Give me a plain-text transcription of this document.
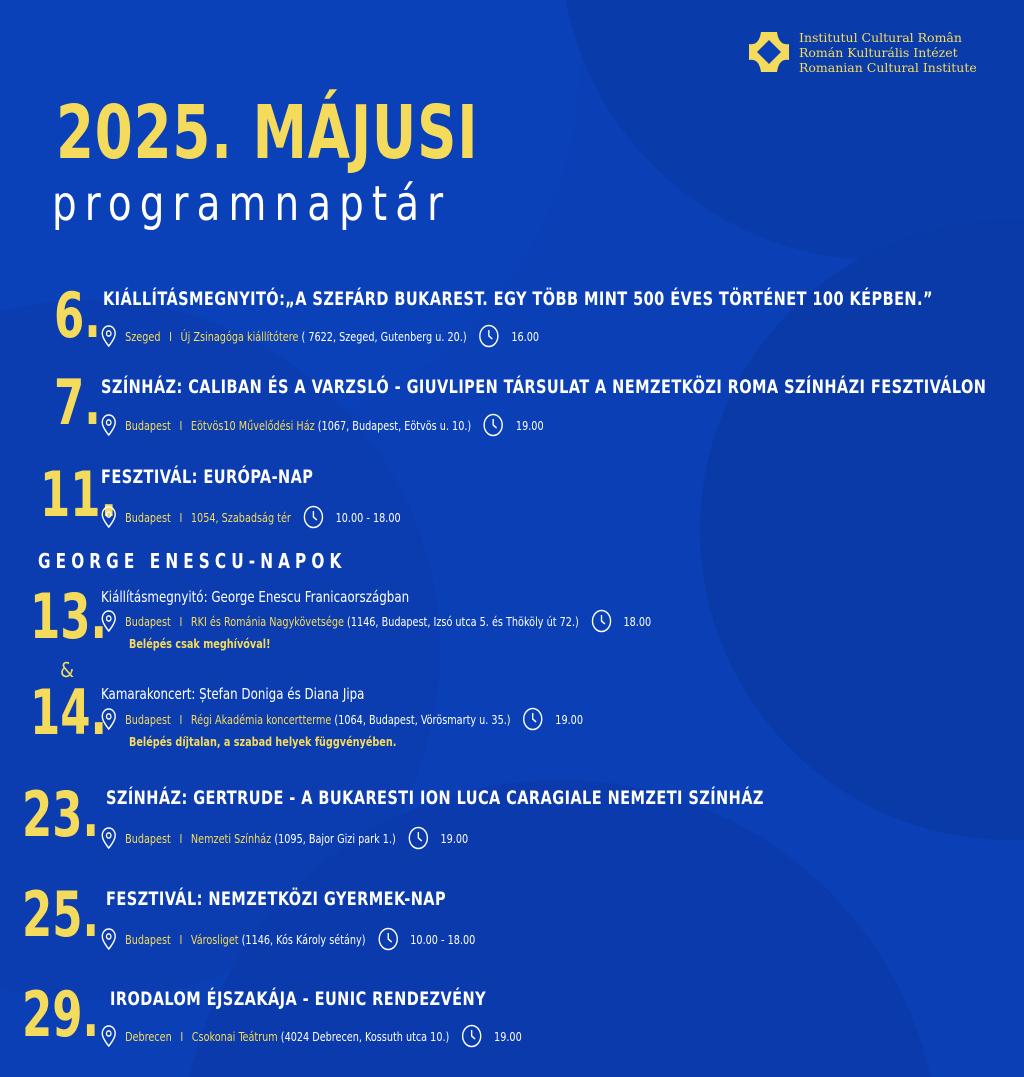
Institutul Cultural Român
Román Kulturális Intézet
Romanian Cultural Institute
2025. MÁJUSI
programnaptár
6. KIÁLLÍTÁSMEGNYITÓ:„A SZEFÁRD BUKAREST. EGY TÖBB MINT 500 ÉVES TÖRTÉNET 100 KÉPBEN.”
Szeged I Új Zsinagóga kiállítótere
( 7622, Szeged, Gutenberg u. 20.)	16.00
7. SZÍNHÁZ: CALIBAN ÉS A VARZSLÓ - GIUVLIPEN TÁRSULAT A NEMZETKÖZI ROMA SZÍNHÁZI FESZTIVÁLON
Budapest I Eötvös10 Művelődési Ház
(1067, Budapest, Eötvös u. 10.)	19.00
11.
FESZTIVÁL: EURÓPA-NAP
Budapest I 1054, Szabadság tér	10.00 - 18.00
13.
Kiállításmegnyitó: George Enescu Franicaországban
Budapest I RKI és Románia Nagykövetsége
(1146, Budapest, Izsó utca 5. és Thököly út 72.)	18.00
Belépés csak meghívóval!
14.
Kamarakoncert: Ștefan Doniga és Diana Jipa
Budapest I Régi Akadémia koncertterme
(1064, Budapest, Vörösmarty u. 35.)	19.00
Belépés díjtalan, a szabad helyek függvényében.
23. SZÍNHÁZ: GERTRUDE - A BUKARESTI ION LUCA CARAGIALE NEMZETI SZÍNHÁZ
Budapest I Nemzeti Színház
(1095, Bajor Gizi park 1.)	19.00
25. FESZTIVÁL: NEMZETKÖZI GYERMEK-NAP
Budapest I Városliget
(1146, Kós Károly sétány)	10.00 - 18.00
29. IRODALOM ÉJSZAKÁJA - EUNIC RENDEZVÉNY
Debrecen I Csokonai Teátrum
(4024 Debrecen, Kossuth utca 10.)	19.00
GEORGE ENESCU-NAPOK
&
